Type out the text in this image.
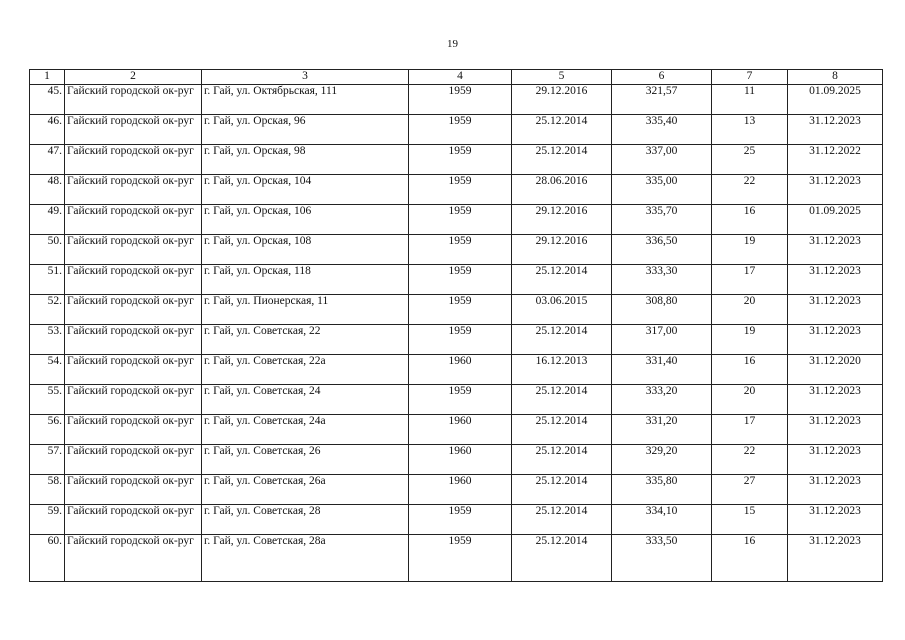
19
1	2	3	4	5	6	7	8
45.	Гайский городской ок-руг	г. Гай, ул. Октябрьская, 111	1959	29.12.2016	321,57	11	01.09.2025
46.	Гайский городской ок-руг	г. Гай, ул. Орская, 96	1959	25.12.2014	335,40	13	31.12.2023
47.	Гайский городской ок-руг	г. Гай, ул. Орская, 98	1959	25.12.2014	337,00	25	31.12.2022
48.	Гайский городской ок-руг	г. Гай, ул. Орская, 104	1959	28.06.2016	335,00	22	31.12.2023
49.	Гайский городской ок-руг	г. Гай, ул. Орская, 106	1959	29.12.2016	335,70	16	01.09.2025
50.	Гайский городской ок-руг	г. Гай, ул. Орская, 108	1959	29.12.2016	336,50	19	31.12.2023
51.	Гайский городской ок-руг	г. Гай, ул. Орская, 118	1959	25.12.2014	333,30	17	31.12.2023
52.	Гайский городской ок-руг	г. Гай, ул. Пионерская, 11	1959	03.06.2015	308,80	20	31.12.2023
53.	Гайский городской ок-руг	г. Гай, ул. Советская, 22	1959	25.12.2014	317,00	19	31.12.2023
54.	Гайский городской ок-руг	г. Гай, ул. Советская, 22а	1960	16.12.2013	331,40	16	31.12.2020
55.	Гайский городской ок-руг	г. Гай, ул. Советская, 24	1959	25.12.2014	333,20	20	31.12.2023
56.	Гайский городской ок-руг	г. Гай, ул. Советская, 24а	1960	25.12.2014	331,20	17	31.12.2023
57.	Гайский городской ок-руг	г. Гай, ул. Советская, 26	1960	25.12.2014	329,20	22	31.12.2023
58.	Гайский городской ок-руг	г. Гай, ул. Советская, 26а	1960	25.12.2014	335,80	27	31.12.2023
59.	Гайский городской ок-руг	г. Гай, ул. Советская, 28	1959	25.12.2014	334,10	15	31.12.2023
60.	Гайский городской ок-руг	г. Гай, ул. Советская, 28а	1959	25.12.2014	333,50	16	31.12.2023
